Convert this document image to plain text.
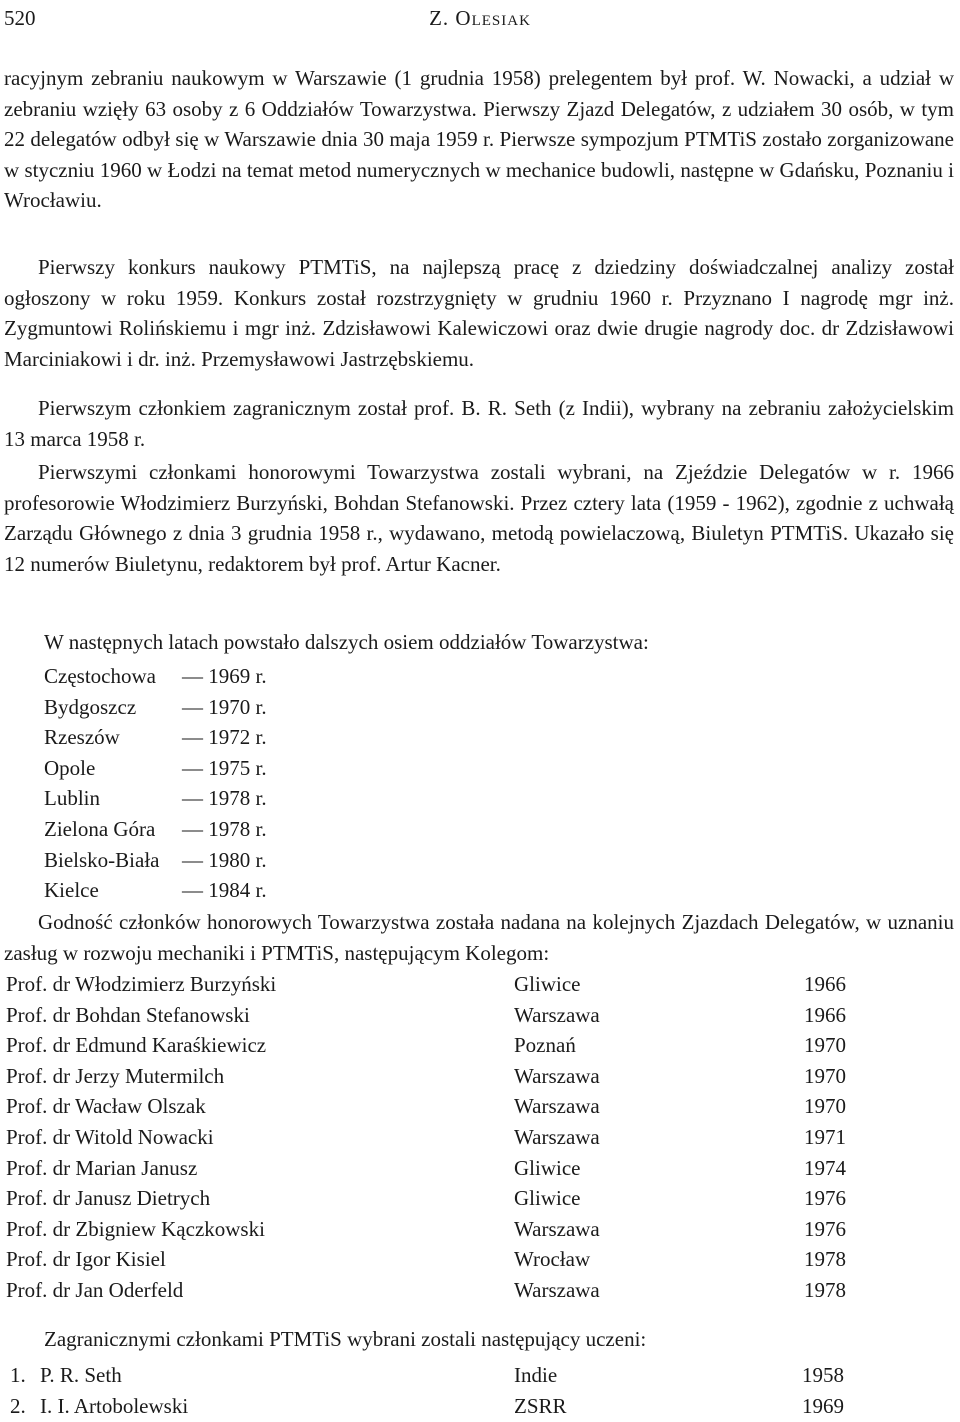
520	Z. OLESIAK

racyjnym zebraniu naukowym w Warszawie (1 grudnia 1958) prelegentem był prof. W. Nowacki, a udział w zebraniu wzięły 63 osoby z 6 Oddziałów Towarzystwa. Pierwszy Zjazd Delegatów, z udziałem 30 osób, w tym 22 delegatów odbył się w Warszawie dnia 30 maja 1959 r. Pierwsze sympozjum PTMTiS zostało zorganizowane w styczniu 1960 w Łodzi na temat metod numerycznych w mechanice budowli, następne w Gdańsku, Poznaniu i Wrocławiu.

Pierwszy konkurs naukowy PTMTiS, na najlepszą pracę z dziedziny doświadczalnej analizy został ogłoszony w roku 1959. Konkurs został rozstrzygnięty w grudniu 1960 r. Przyznano I nagrodę mgr inż. Zygmuntowi Rolińskiemu i mgr inż. Zdzisławowi Kalewiczowi oraz dwie drugie nagrody doc. dr Zdzisławowi Marciniakowi i dr. inż. Przemysławowi Jastrzębskiemu.

Pierwszym członkiem zagranicznym został prof. B. R. Seth (z Indii), wybrany na zebraniu założycielskim 13 marca 1958 r.

Pierwszymi członkami honorowymi Towarzystwa zostali wybrani, na Zjeździe Delegatów w r. 1966 profesorowie Włodzimierz Burzyński, Bohdan Stefanowski. Przez cztery lata (1959 - 1962), zgodnie z uchwałą Zarządu Głównego z dnia 3 grudnia 1958 r., wydawano, metodą powielaczową, Biuletyn PTMTiS. Ukazało się 12 numerów Biuletynu, redaktorem był prof. Artur Kacner.

W następnych latach powstało dalszych osiem oddziałów Towarzystwa:

Częstochowa — 1969 r.
Bydgoszcz — 1970 r.
Rzeszów	— 1972 r.
Opole	— 1975 r.
Lublin	— 1978 r.
Zielona Góra — 1978 r.
Bielsko-Biała — 1980 r.
Kielce	— 1984 r.

Godność członków honorowych Towarzystwa została nadana na kolejnych Zjazdach Delegatów, w uznaniu zasług w rozwoju mechaniki i PTMTiS, następującym Kolegom:

Prof. dr Włodzimierz Burzyński	Gliwice	1966
Prof. dr Bohdan Stefanowski	Warszawa	1966
Prof. dr Edmund Karaśkiewicz	Poznań	1970
Prof. dr Jerzy Mutermilch	Warszawa	1970
Prof. dr Wacław Olszak	Warszawa	1970
Prof. dr Witold Nowacki	Warszawa	1971
Prof. dr Marian Janusz	Gliwice	1974
Prof. dr Janusz Dietrych	Gliwice	1976
Prof. dr Zbigniew Kączkowski	Warszawa	1976
Prof. dr Igor Kisiel	Wrocław	1978
Prof. dr Jan Oderfeld	Warszawa	1978

Zagranicznymi członkami PTMTiS wybrani zostali następujący uczeni:

1. P. R. Seth	Indie	1958
2. I. I. Artobolewski	ZSRR	1969
